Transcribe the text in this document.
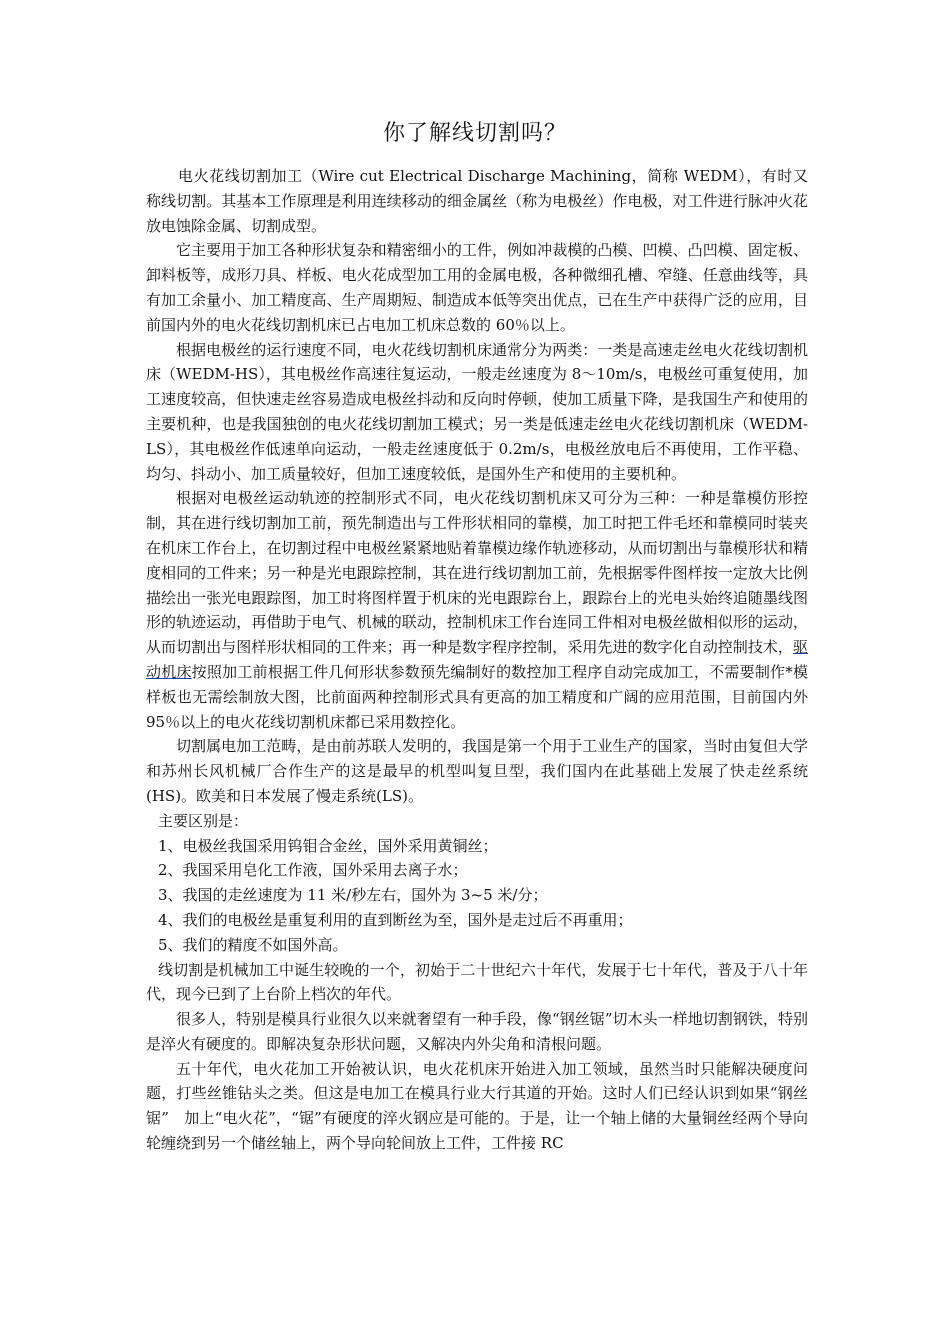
你了解线切割吗？

电火花线切割加工（Wire cut Electrical Discharge Machining，简称 WEDM），有时又称线切割。其基本工作原理是利用连续移动的细金属丝（称为电极丝）作电极，对工件进行脉冲火花放电蚀除金属、切割成型。

它主要用于加工各种形状复杂和精密细小的工件，例如冲裁模的凸模、凹模、凸凹模、固定板、卸料板等，成形刀具、样板、电火花成型加工用的金属电极，各种微细孔槽、窄缝、任意曲线等，具有加工余量小、加工精度高、生产周期短、制造成本低等突出优点，已在生产中获得广泛的应用，目前国内外的电火花线切割机床已占电加工机床总数的 60％以上。

根据电极丝的运行速度不同，电火花线切割机床通常分为两类：一类是高速走丝电火花线切割机床（WEDM-HS），其电极丝作高速往复运动，一般走丝速度为 8～10m/s，电极丝可重复使用，加工速度较高，但快速走丝容易造成电极丝抖动和反向时停顿，使加工质量下降，是我国生产和使用的主要机种，也是我国独创的电火花线切割加工模式；另一类是低速走丝电火花线切割机床（WEDM-LS），其电极丝作低速单向运动，一般走丝速度低于 0.2m/s，电极丝放电后不再使用，工作平稳、均匀、抖动小、加工质量较好，但加工速度较低，是国外生产和使用的主要机种。

根据对电极丝运动轨迹的控制形式不同，电火花线切割机床又可分为三种：一种是靠模仿形控制，其在进行线切割加工前，预先制造出与工件形状相同的靠模，加工时把工件毛坯和靠模同时装夹在机床工作台上，在切割过程中电极丝紧紧地贴着靠模边缘作轨迹移动，从而切割出与靠模形状和精度相同的工件来；另一种是光电跟踪控制，其在进行线切割加工前，先根据零件图样按一定放大比例描绘出一张光电跟踪图，加工时将图样置于机床的光电跟踪台上，跟踪台上的光电头始终追随墨线图形的轨迹运动，再借助于电气、机械的联动，控制机床工作台连同工件相对电极丝做相似形的运动，从而切割出与图样形状相同的工件来；再一种是数字程序控制，采用先进的数字化自动控制技术，驱动机床按照加工前根据工件几何形状参数预先编制好的数控加工程序自动完成加工，不需要制作*模样板也无需绘制放大图，比前面两种控制形式具有更高的加工精度和广阔的应用范围，目前国内外 95％以上的电火花线切割机床都已采用数控化。

切割属电加工范畴，是由前苏联人发明的，我国是第一个用于工业生产的国家，当时由复但大学和苏州长风机械厂合作生产的这是最早的机型叫复旦型，我们国内在此基础上发展了快走丝系统(HS)。欧美和日本发展了慢走系统(LS)。

主要区别是：

1、电极丝我国采用钨钼合金丝，国外采用黄铜丝；

2、我国采用皂化工作液，国外采用去离子水；

3、我国的走丝速度为 11 米/秒左右，国外为 3~5 米/分；

4、我们的电极丝是重复利用的直到断丝为至，国外是走过后不再重用；

5、我们的精度不如国外高。

线切割是机械加工中诞生较晚的一个，初始于二十世纪六十年代，发展于七十年代，普及于八十年代，现今已到了上台阶上档次的年代。

很多人，特别是模具行业很久以来就奢望有一种手段，像“钢丝锯”切木头一样地切割钢铁，特别是淬火有硬度的。即解决复杂形状问题，又解决内外尖角和清根问题。

五十年代，电火花加工开始被认识，电火花机床开始进入加工领域，虽然当时只能解决硬度问题，打些丝锥钻头之类。但这是电加工在模具行业大行其道的开始。这时人们已经认识到如果“钢丝锯”　加上“电火花”，“锯”有硬度的淬火钢应是可能的。于是，让一个轴上储的大量铜丝经两个导向轮缠绕到另一个储丝轴上，两个导向轮间放上工件，工件接 RC
